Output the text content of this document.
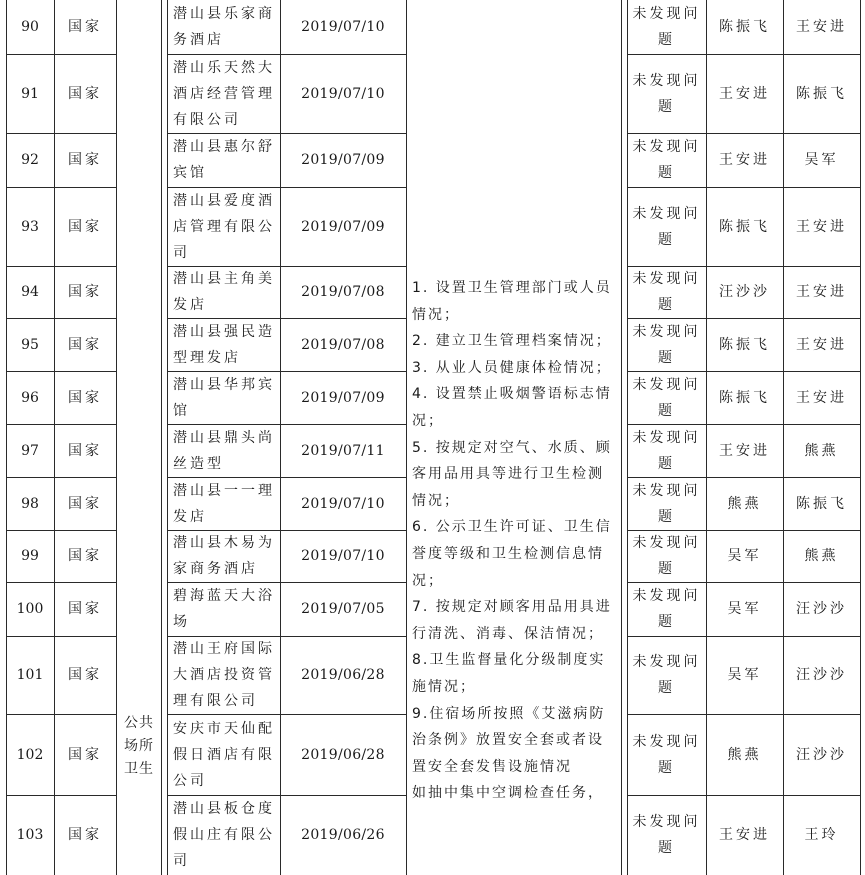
90 国家
潜山县乐家商务酒店
2019/07/10
未发现问题
陈振飞 王安进
91 国家
潜山乐天然大酒店经营管理有限公司
2019/07/10
未发现问题
王安进 陈振飞
92 国家
潜山县惠尔舒宾馆
2019/07/09
未发现问题
王安进 吴军
93 国家
潜山县爱度酒店管理有限公司
2019/07/09
未发现问题
陈振飞 王安进
94 国家
潜山县主角美发店
2019/07/08
未发现问题
汪沙沙 王安进
95 国家
潜山县强民造型理发店
2019/07/08
未发现问题
陈振飞 王安进
96 国家
潜山县华邦宾馆
2019/07/09
未发现问题
陈振飞 王安进
97 国家
潜山县鼎头尚丝造型
2019/07/11
未发现问题
王安进 熊燕
98 国家
潜山县一一理发店
2019/07/10
未发现问题
熊燕 陈振飞
99 国家
潜山县木易为家商务酒店
2019/07/10
未发现问题
吴军	熊燕
100 国家
碧海蓝天大浴场
2019/07/05
未发现问题
吴军 汪沙沙
101 国家
潜山王府国际大酒店投资管理有限公司
2019/06/28
未发现问题
吴军 汪沙沙
102 国家
安庆市天仙配假日酒店有限公司
2019/06/28
未发现问题
熊燕 汪沙沙
103 国家
潜山县板仓度假山庄有限公司
2019/06/26
未发现问题
王安进 王玲
公共场所卫生

1. 设置卫生管理部门或人员情况；

2. 建立卫生管理档案情况；

3. 从业人员健康体检情况；

4. 设置禁止吸烟警语标志情况；

5. 按规定对空气、水质、顾客用品用具等进行卫生检测情况；

6. 公示卫生许可证、卫生信誉度等级和卫生检测信息情况；

7. 按规定对顾客用品用具进行清洗、消毒、保洁情况；

8.卫生监督量化分级制度实施情况；

9.住宿场所按照《艾滋病防治条例》放置安全套或者设置安全套发售设施情况

如抽中集中空调检查任务，
